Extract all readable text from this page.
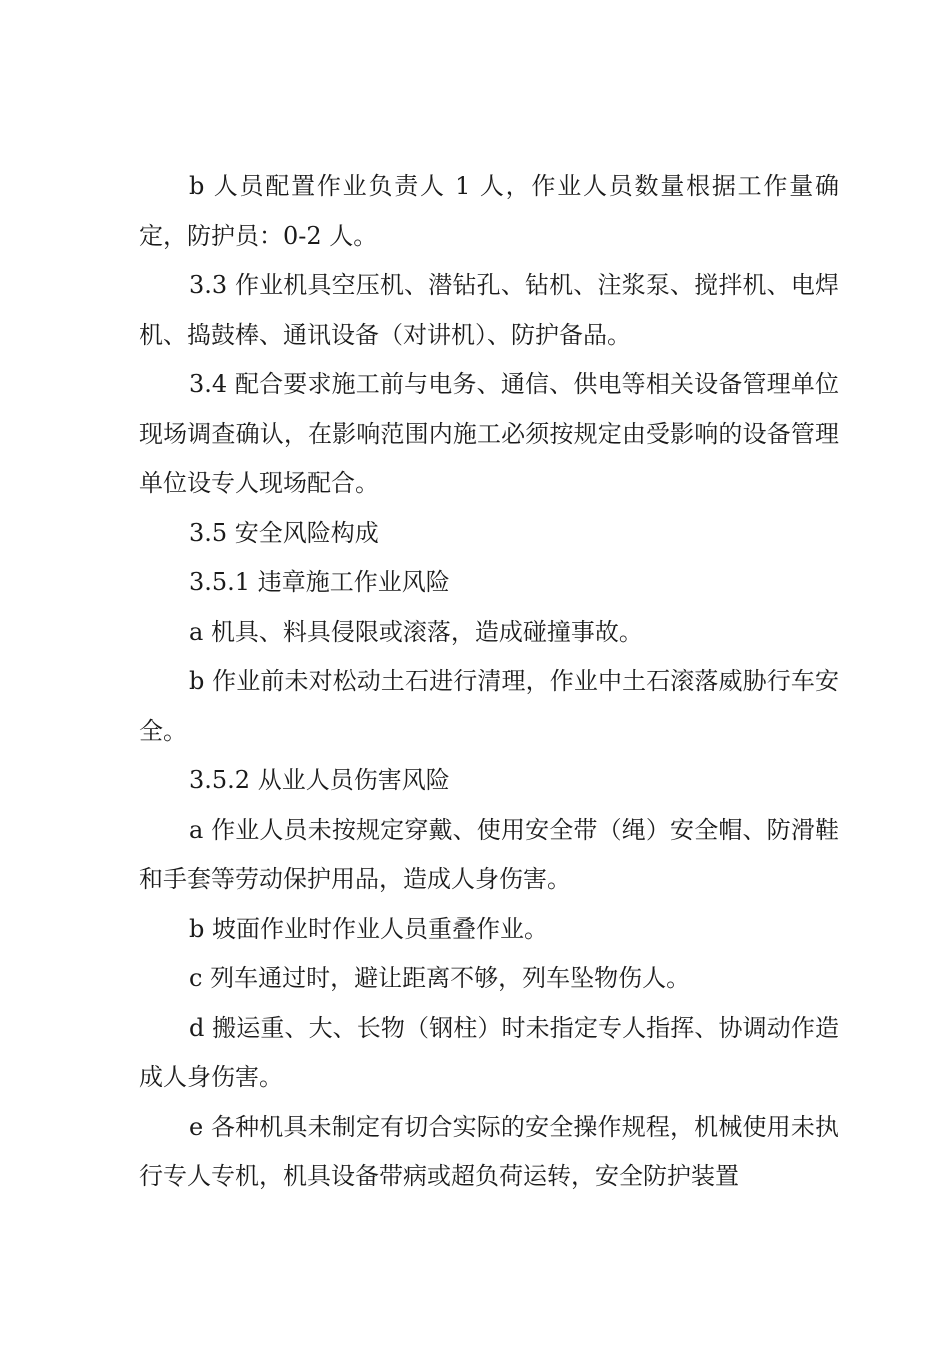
b 人员配置作业负责人 1 人，作业人员数量根据工作量确定，防护员：0-2 人。

3.3 作业机具空压机、潜钻孔、钻机、注浆泵、搅拌机、电焊机、捣鼓棒、通讯设备（对讲机）、防护备品。

3.4 配合要求施工前与电务、通信、供电等相关设备管理单位现场调查确认，在影响范围内施工必须按规定由受影响的设备管理单位设专人现场配合。

3.5 安全风险构成

3.5.1 违章施工作业风险

a 机具、料具侵限或滚落，造成碰撞事故。

b 作业前未对松动土石进行清理，作业中土石滚落威胁行车安全。

3.5.2 从业人员伤害风险

a 作业人员未按规定穿戴、使用安全带（绳）安全帽、防滑鞋和手套等劳动保护用品，造成人身伤害。

b 坡面作业时作业人员重叠作业。

c 列车通过时，避让距离不够，列车坠物伤人。

d 搬运重、大、长物（钢柱）时未指定专人指挥、协调动作造成人身伤害。

e 各种机具未制定有切合实际的安全操作规程，机械使用未执行专人专机，机具设备带病或超负荷运转，安全防护装置
